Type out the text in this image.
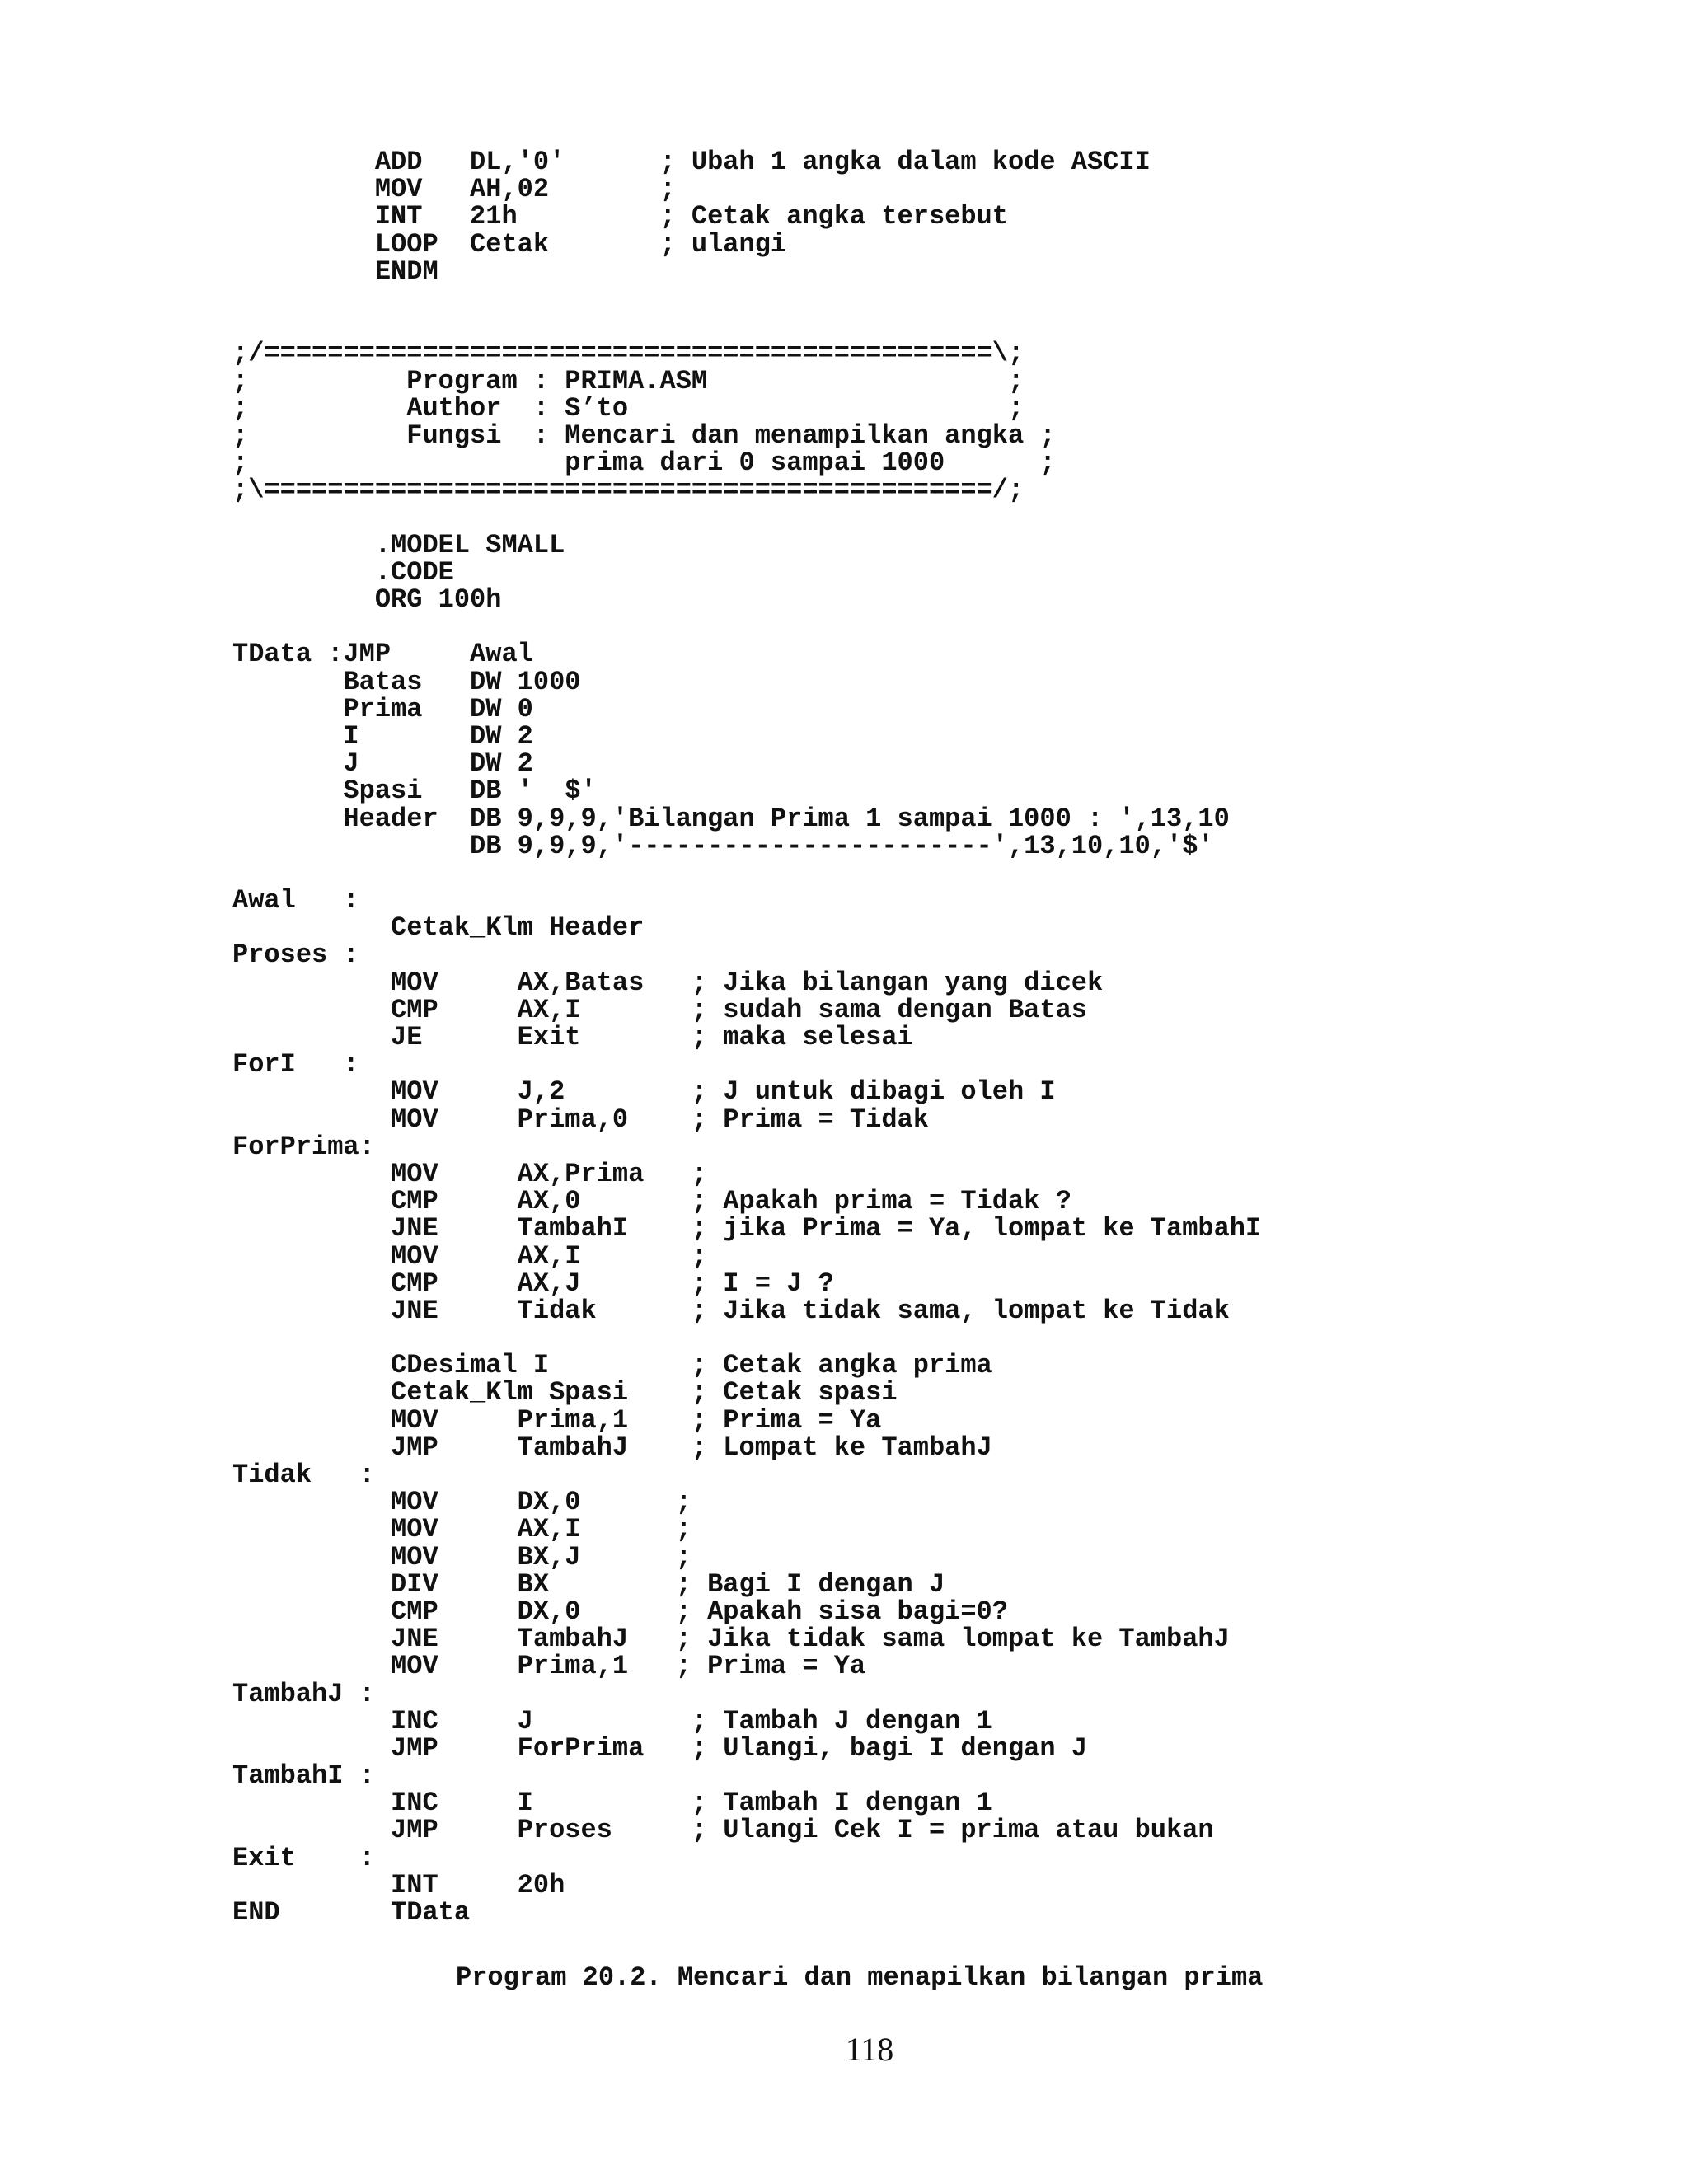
ADD   DL,'0'      ; Ubah 1 angka dalam kode ASCII
MOV   AH,02       ;
INT   21h         ; Cetak angka tersebut
LOOP  Cetak       ; ulangi
ENDM
;/==============================================\;
;          Program : PRIMA.ASM                   ;
;          Author  : S’to                        ;
;          Fungsi  : Mencari dan menampilkan angka ;
;                    prima dari 0 sampai 1000      ;
;\==============================================/;
.MODEL SMALL
.CODE
ORG 100h
TData :JMP     Awal
Batas   DW 1000
Prima   DW 0
I       DW 2
J       DW 2
Spasi   DB '  $'
Header  DB 9,9,9,'Bilangan Prima 1 sampai 1000 : ',13,10
DB 9,9,9,'-----------------------',13,10,10,'$'
Awal   :
Cetak_Klm Header
Proses :
MOV     AX,Batas   ; Jika bilangan yang dicek
CMP     AX,I       ; sudah sama dengan Batas
JE      Exit       ; maka selesai
ForI   :
MOV     J,2        ; J untuk dibagi oleh I
MOV     Prima,0    ; Prima = Tidak
ForPrima:
MOV     AX,Prima   ;
CMP     AX,0       ; Apakah prima = Tidak ?
JNE     TambahI    ; jika Prima = Ya, lompat ke TambahI
MOV     AX,I       ;
CMP     AX,J       ; I = J ?
JNE     Tidak      ; Jika tidak sama, lompat ke Tidak
CDesimal I         ; Cetak angka prima
Cetak_Klm Spasi    ; Cetak spasi
MOV     Prima,1    ; Prima = Ya
JMP     TambahJ    ; Lompat ke TambahJ
Tidak   :
MOV     DX,0      ;
MOV     AX,I      ;
MOV     BX,J      ;
DIV     BX        ; Bagi I dengan J
CMP     DX,0      ; Apakah sisa bagi=0?
JNE     TambahJ   ; Jika tidak sama lompat ke TambahJ
MOV     Prima,1   ; Prima = Ya
TambahJ :
INC     J          ; Tambah J dengan 1
JMP     ForPrima   ; Ulangi, bagi I dengan J
TambahI :
INC     I          ; Tambah I dengan 1
JMP     Proses     ; Ulangi Cek I = prima atau bukan
Exit    :
INT     20h
END       TData
Program 20.2. Mencari dan menapilkan bilangan prima
118
